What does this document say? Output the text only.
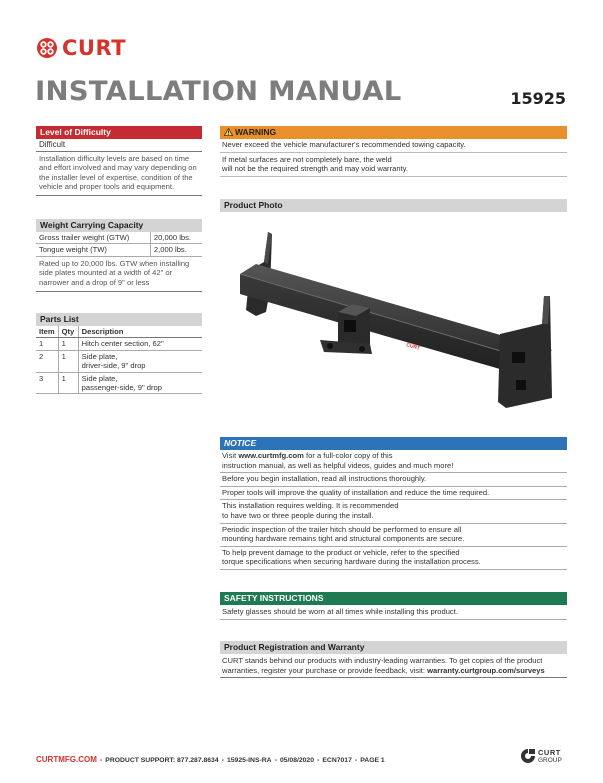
CURT
INSTALLATION MANUAL	15925
Level of Difficulty
Difficult
Installation difficulty levels are based on time and effort involved and may vary depending on the installer level of expertise, condition of the vehicle and proper tools and equipment.
Weight Carrying Capacity
Gross trailer weight (GTW)	20,000 lbs.
Tongue weight (TW)	2,000 lbs.
Rated up to 20,000 lbs. GTW when installing side plates mounted at a width of 42" or narrower and a drop of 9" or less
Parts List
Item	Qty	Description
1	1	Hitch center section, 62"
2	1	Side plate,
driver-side, 9" drop

3	1	Side plate,
passenger-side, 9" drop
WARNING
Never exceed the vehicle manufacturer's recommended towing capacity.
If metal surfaces are not completely bare, the weld
will not be the required strength and may void warranty.
Product Photo
CURT
NOTICE
Visit www.curtmfg.com for a full-color copy of this
instruction manual, as well as helpful videos, guides and much more!
Before you begin installation, read all instructions thoroughly.
Proper tools will improve the quality of installation and reduce the time required.
This installation requires welding. It is recommended
to have two or three people during the install.
Periodic inspection of the trailer hitch should be performed to ensure all
mounting hardware remains tight and structural components are secure.
To help prevent damage to the product or vehicle, refer to the specified
torque specifications when securing hardware during the installation process.
SAFETY INSTRUCTIONS
Safety glasses should be worn at all times while installing this product.
Product Registration and Warranty
CURT stands behind our products with industry-leading warranties. To get copies of the product
warranties, register your purchase or provide feedback, visit: warranty.curtgroup.com/surveys
CURTMFG.COM • PRODUCT SUPPORT: 877.287.8634 • 15925-INS-RA • 05/08/2020 • ECN7017 • PAGE 1
CURT
GROUP
